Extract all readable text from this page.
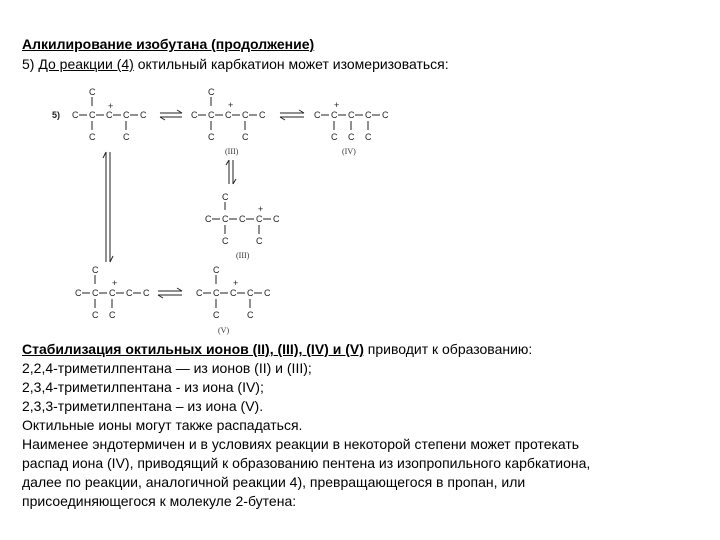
Алкилирование изобутана (продолжение)
5) До реакции (4) октильный карбкатион может изомеризоваться:
5)
C
C C C
+
C C
C	C
C
C C C
+
C C
C	C
(III)
C C
+
C C C
C C C
(IV)
C
C C C C
+
C
C	C
(III)
C
C C C
+
C C
C C
C
C C C
+
C C
C	C
(V)

Стабилизация октильных ионов (II), (III), (IV) и (V) приводит к образованию:

2,2,4-триметилпентана — из ионов (II) и (III);

2,3,4-триметилпентана - из иона (IV);

2,3,3-триметилпентана – из иона (V).

Октильные ионы могут также распадаться.

Наименее эндотермичен и в условиях реакции в некоторой степени может протекать

распад иона (IV), приводящий к образованию пентена из изопропильного карбкатиона,

далее по реакции, аналогичной реакции 4), превращающегося в пропан, или

присоединяющегося к молекуле 2-бутена:
